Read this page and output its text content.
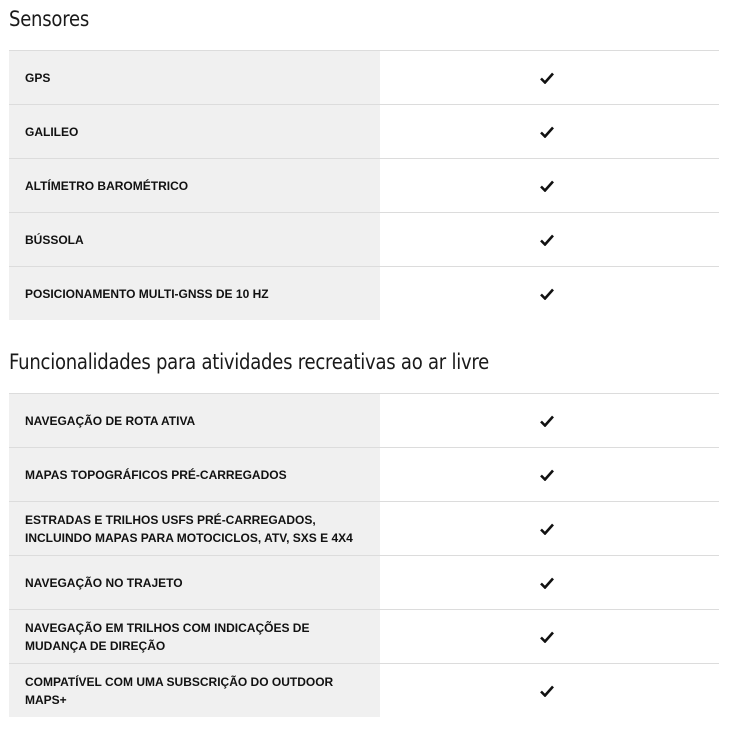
Sensores
GPS
GALILEO
ALTÍMETRO BAROMÉTRICO
BÚSSOLA
POSICIONAMENTO MULTI-GNSS DE 10 HZ
Funcionalidades para atividades recreativas ao ar livre
NAVEGAÇÃO DE ROTA ATIVA
MAPAS TOPOGRÁFICOS PRÉ-CARREGADOS
ESTRADAS E TRILHOS USFS PRÉ-CARREGADOS, INCLUINDO MAPAS PARA MOTOCICLOS, ATV, SXS E 4X4
NAVEGAÇÃO NO TRAJETO
NAVEGAÇÃO EM TRILHOS COM INDICAÇÕES DE MUDANÇA DE DIREÇÃO
COMPATÍVEL COM UMA SUBSCRIÇÃO DO OUTDOOR MAPS+
